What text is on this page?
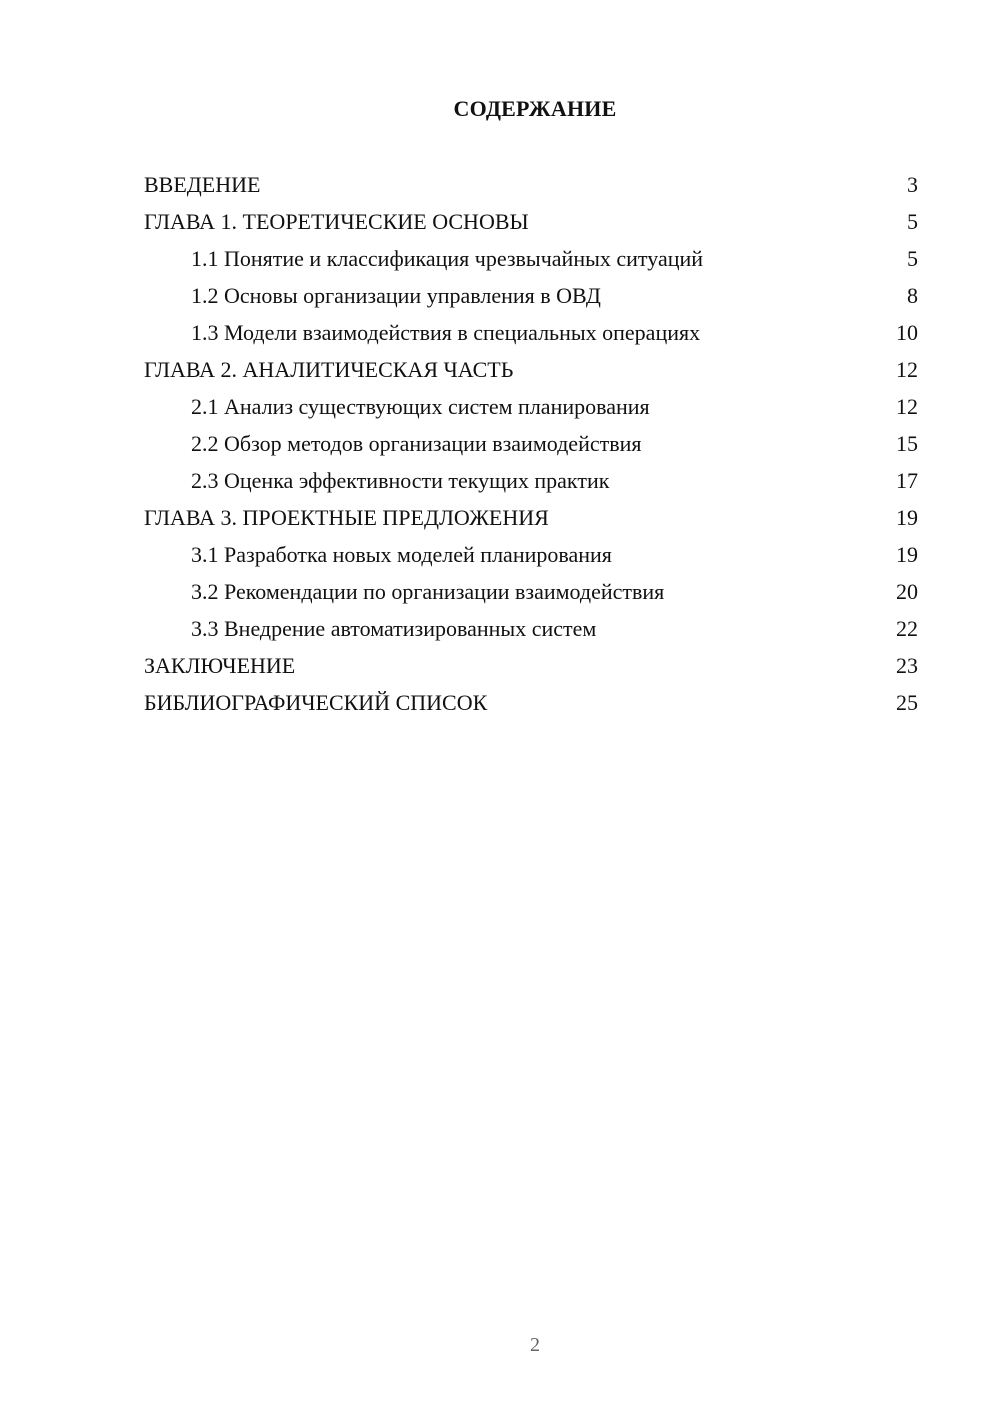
СОДЕРЖАНИЕ
ВВЕДЕНИЕ	3
ГЛАВА 1. ТЕОРЕТИЧЕСКИЕ ОСНОВЫ	5
1.1 Понятие и классификация чрезвычайных ситуаций	5
1.2 Основы организации управления в ОВД	8
1.3 Модели взаимодействия в специальных операциях	10
ГЛАВА 2. АНАЛИТИЧЕСКАЯ ЧАСТЬ	12
2.1 Анализ существующих систем планирования	12
2.2 Обзор методов организации взаимодействия	15
2.3 Оценка эффективности текущих практик	17
ГЛАВА 3. ПРОЕКТНЫЕ ПРЕДЛОЖЕНИЯ	19
3.1 Разработка новых моделей планирования	19
3.2 Рекомендации по организации взаимодействия	20
3.3 Внедрение автоматизированных систем	22
ЗАКЛЮЧЕНИЕ	23
БИБЛИОГРАФИЧЕСКИЙ СПИСОК	25
2
